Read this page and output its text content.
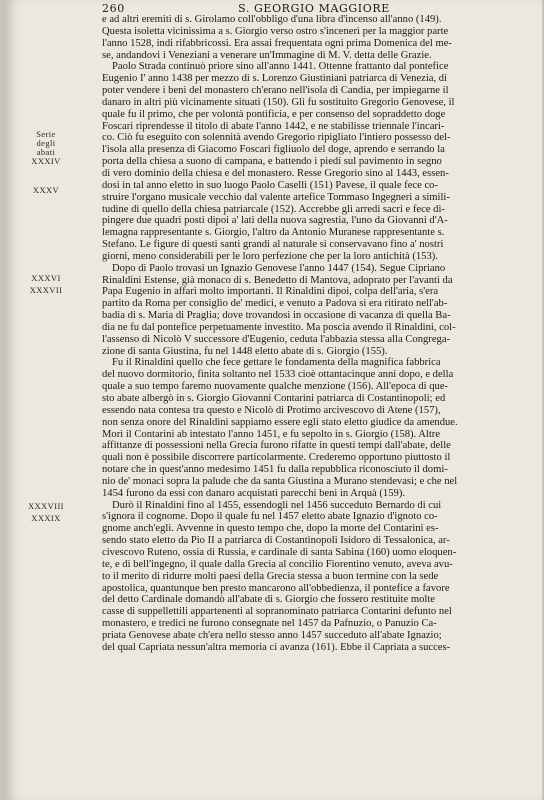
260	S. GEORGIO MAGGIORE
Serie
degli
abati
XXXIV
XXXV
XXXVI
XXXVII
XXXVIII
XXXIX
e ad altri eremiti di s. Girolamo coll'obbligo d'una libra d'incenso all'anno (149).
Questa isoletta vicinissima a s. Giorgio verso ostro s'incenerì per la maggior parte
l'anno 1528, indi rifabbricossi. Era assai frequentata ogni prima Domenica del me-
se, andandovi i Veneziani a venerare un'Immagine di M. V. detta delle Grazie.
Paolo Strada continuò priore sino all'anno 1441. Ottenne frattanto dal pontefice
Eugenio I' anno 1438 per mezzo di s. Lorenzo Giustiniani patriarca di Venezia, di
poter vendere i beni del monastero ch'erano nell'isola di Candia, per impiegarne il
danaro in altri più vicinamente situati (150). Gli fu sostituito Gregorio Genovese, il
quale fu il primo, che per volontà pontificia, e per consenso del sopraddetto doge
Foscari riprendesse il titolo di abate l'anno 1442, e ne stabilisse triennale l'incari-
co. Ciò fu eseguito con solennità avendo Gregorio ripigliato l'intiero possesso del-
l'isola alla presenza di Giacomo Foscari figliuolo del doge, aprendo e serrando la
porta della chiesa a suono di campana, e battendo i piedi sul pavimento in segno
di vero dominio della chiesa e del monastero. Resse Gregorio sino al 1443, essen-
dosi in tal anno eletto in suo luogo Paolo Caselli (151) Pavese, il quale fece co-
struire l'organo musicale vecchio dal valente artefice Tommaso Ingegneri a simili-
tudine di quello della chiesa patriarcale (152). Accrebbe gli arredi sacri e fece di-
pingere due quadri posti dipoi a' lati della nuova sagrestia, l'uno da Giovanni d'A-
lemagna rappresentante s. Giorgio, l'altro da Antonio Muranese rappresentante s.
Stefano. Le figure di questi santi grandi al naturale si conservavano fino a' nostri
giorni, meno considerabili per le loro perfezione che per la loro antichità (153).
Dopo di Paolo trovasi un Ignazio Genovese l'anno 1447 (154). Segue Cipriano
Rinaldini Estense, già monaco di s. Benedetto di Mantova, adoprato per l'avanti da
Papa Eugenio in affari molto importanti. Il Rinaldini dipoi, colpa dell'aria, s'era
partito da Roma per consiglio de' medici, e venuto a Padova si era ritirato nell'ab-
badia di s. Maria di Praglia; dove trovandosi in occasione di vacanza di quella Ba-
dia ne fu dal pontefice perpetuamente investito. Ma poscia avendo il Rinaldini, col-
l'assenso di Nicolò V successore d'Eugenio, ceduta l'abbazia stessa alla Congrega-
zione di santa Giustina, fu nel 1448 eletto abate di s. Giorgio (155).
Fu il Rinaldini quello che fece gettare le fondamenta della magnifica fabbrica
del nuovo dormitorio, finita soltanto nel 1533 cioè ottantacinque anni dopo, e della
quale a suo tempo faremo nuovamente qualche menzione (156). All'epoca di que-
sto abate albergò in s. Giorgio Giovanni Contarini patriarca di Costantinopoli; ed
essendo nata contesa tra questo e Nicolò di Protimo arcivescovo di Atene (157),
non senza onore del Rinaldini sappiamo essere egli stato eletto giudice da amendue.
Morì il Contarini ab intestato l'anno 1451, e fu sepolto in s. Giorgio (158). Altre
affittanze di possessioni nella Grecia furono rifatte in questi tempi dall'abate, delle
quali non è possibile discorrere particolarmente. Crederemo opportuno piuttosto il
notare che in quest'anno medesimo 1451 fu dalla repubblica riconosciuto il domi-
nio de' monaci sopra la palude che da santa Giustina a Murano stendevasi; e che nel
1454 furono da essi con danaro acquistati parecchi beni in Arquà (159).
Durò il Rinaldini fino al 1455, essendogli nel 1456 succeduto Bernardo di cui
s'ignora il cognome. Dopo il quale fu nel 1457 eletto abate Ignazio d'ignoto co-
gnome anch'egli. Avvenne in questo tempo che, dopo la morte del Contarini es-
sendo stato eletto da Pio II a patriarca di Costantinopoli Isidoro di Tessalonica, ar-
civescovo Ruteno, ossia di Russia, e cardinale di santa Sabina (160) uomo eloquen-
te, e di bell'ingegno, il quale dalla Grecia al concilio Fiorentino venuto, aveva avu-
to il merito di ridurre molti paesi della Grecia stessa a buon termine con la sede
apostolica, quantunque ben presto mancarono all'obbedienza, il pontefice a favore
del detto Cardinale domandò all'abate di s. Giorgio che fossero restituite molte
casse di suppellettili appartenenti al sopranominato patriarca Contarini defunto nel
monastero, e tredici ne furono consegnate nel 1457 da Pafnuzio, o Panuzio Ca-
priata Genovese abate ch'era nello stesso anno 1457 succeduto all'abate Ignazio;
del qual Capriata nessun'altra memoria ci avanza (161). Ebbe il Capriata a succes-
